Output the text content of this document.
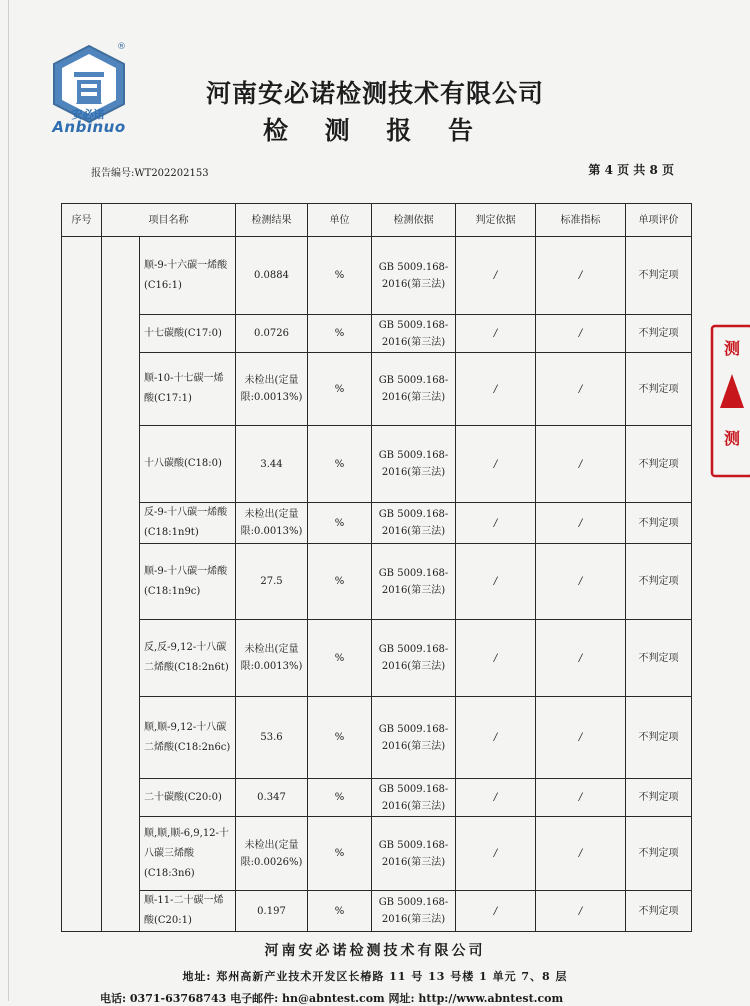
®
安必诺
Anbinuo
河南安必诺检测技术有限公司
检 测 报 告
报告编号:WT202202153	第 4 页 共 8 页
序号	项目名称		检测结果	单位	检测依据	判定依据	标准指标	单项评价
		顺-9-十六碳一烯酸(C16:1)	0.0884	%	GB 5009.168-2016(第三法)	/	/	不判定项
		十七碳酸(C17:0)	0.0726	%	GB 5009.168-2016(第三法)	/	/	不判定项
		顺-10-十七碳一烯酸(C17:1)	未检出(定量限:0.0013%)	%	GB 5009.168-2016(第三法)	/	/	不判定项
		十八碳酸(C18:0)	3.44	%	GB 5009.168-2016(第三法)	/	/	不判定项
		反-9-十八碳一烯酸(C18:1n9t)	未检出(定量限:0.0013%)	%	GB 5009.168-2016(第三法)	/	/	不判定项
		顺-9-十八碳一烯酸(C18:1n9c)	27.5	%	GB 5009.168-2016(第三法)	/	/	不判定项
		反,反-9,12-十八碳二烯酸(C18:2n6t)	未检出(定量限:0.0013%)	%	GB 5009.168-2016(第三法)	/	/	不判定项
		顺,顺-9,12-十八碳二烯酸(C18:2n6c)	53.6	%	GB 5009.168-2016(第三法)	/	/	不判定项
		二十碳酸(C20:0)	0.347	%	GB 5009.168-2016(第三法)	/	/	不判定项
		顺,顺,顺-6,9,12-十八碳三烯酸(C18:3n6)	未检出(定量限:0.0026%)	%	GB 5009.168-2016(第三法)	/	/	不判定项
		顺-11-二十碳一烯酸(C20:1)	0.197	%	GB 5009.168-2016(第三法)	/	/	不判定项
测
测
河南安必诺检测技术有限公司
地址: 郑州高新产业技术开发区长椿路 11 号 13 号楼 1 单元 7、8 层
电话: 0371-63768743 电子邮件: hn@abntest.com 网址: http://www.abntest.com
